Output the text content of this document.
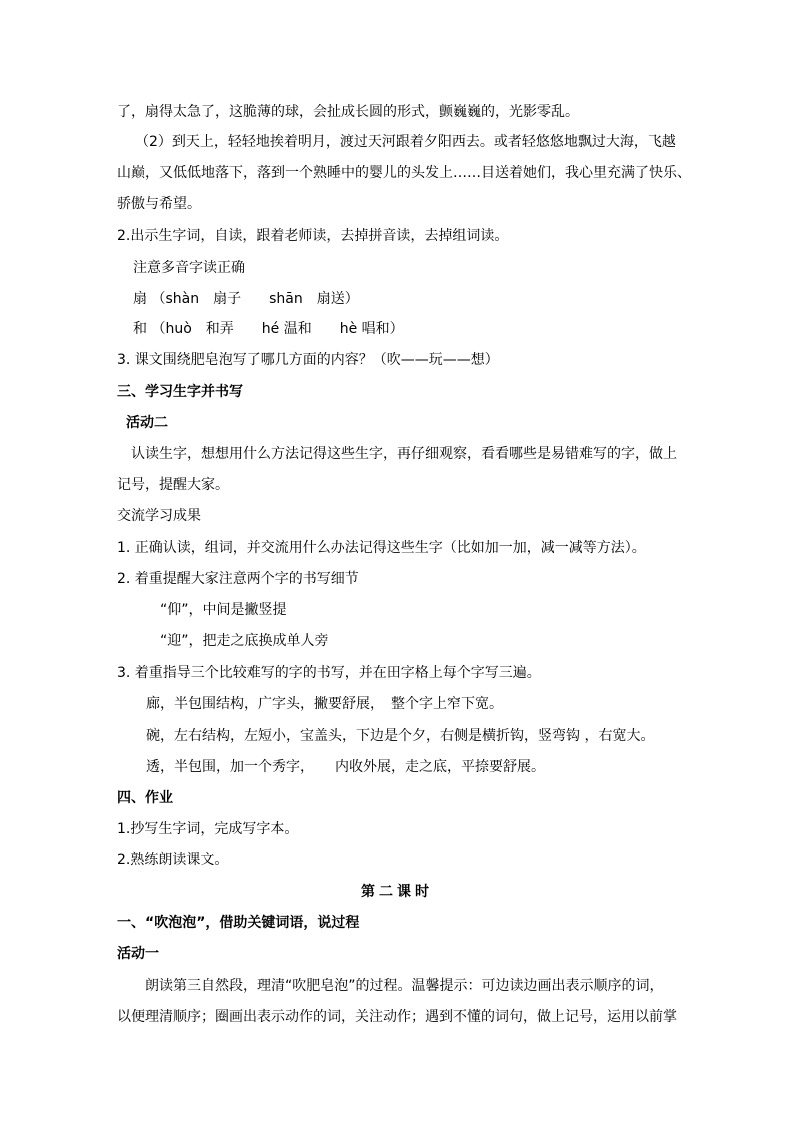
了，扇得太急了，这脆薄的球，会扯成长圆的形式，颤巍巍的，光影零乱。

（2）到天上，轻轻地挨着明月，渡过天河跟着夕阳西去。或者轻悠悠地飘过大海，飞越

山巅，又低低地落下，落到一个熟睡中的婴儿的头发上……目送着她们，我心里充满了快乐、

骄傲与希望。

2.出示生字词，自读，跟着老师读，去掉拼音读，去掉组词读。

注意多音字读正确

扇 （shàn　扇子　　shān　扇送）

和 （huò　和弄　　hé 温和　　hè 唱和）

3. 课文围绕肥皂泡写了哪几方面的内容？（吹——玩——想）

三、学习生字并书写

活动二

认读生字，想想用什么方法记得这些生字，再仔细观察，看看哪些是易错难写的字，做上

记号，提醒大家。

交流学习成果

1. 正确认读，组词，并交流用什么办法记得这些生字（比如加一加，减一减等方法）。

2. 着重提醒大家注意两个字的书写细节

“仰”，中间是撇竖提

“迎”，把走之底换成单人旁

3. 着重指导三个比较难写的字的书写，并在田字格上每个字写三遍。

廊，半包围结构，广字头，撇要舒展，　整个字上窄下宽。

碗，左右结构，左短小，宝盖头，下边是个夕，右侧是横折钩，竖弯钩 ，右宽大。

透，半包围，加一个秀字，　　内收外展，走之底，平捺要舒展。

四、作业

1.抄写生字词，完成写字本。

2.熟练朗读课文。

第二课时

一、“吹泡泡”，借助关键词语，说过程

活动一

朗读第三自然段，理清“吹肥皂泡”的过程。温馨提示：可边读边画出表示顺序的词，

以便理清顺序；圈画出表示动作的词，关注动作；遇到不懂的词句，做上记号，运用以前掌
